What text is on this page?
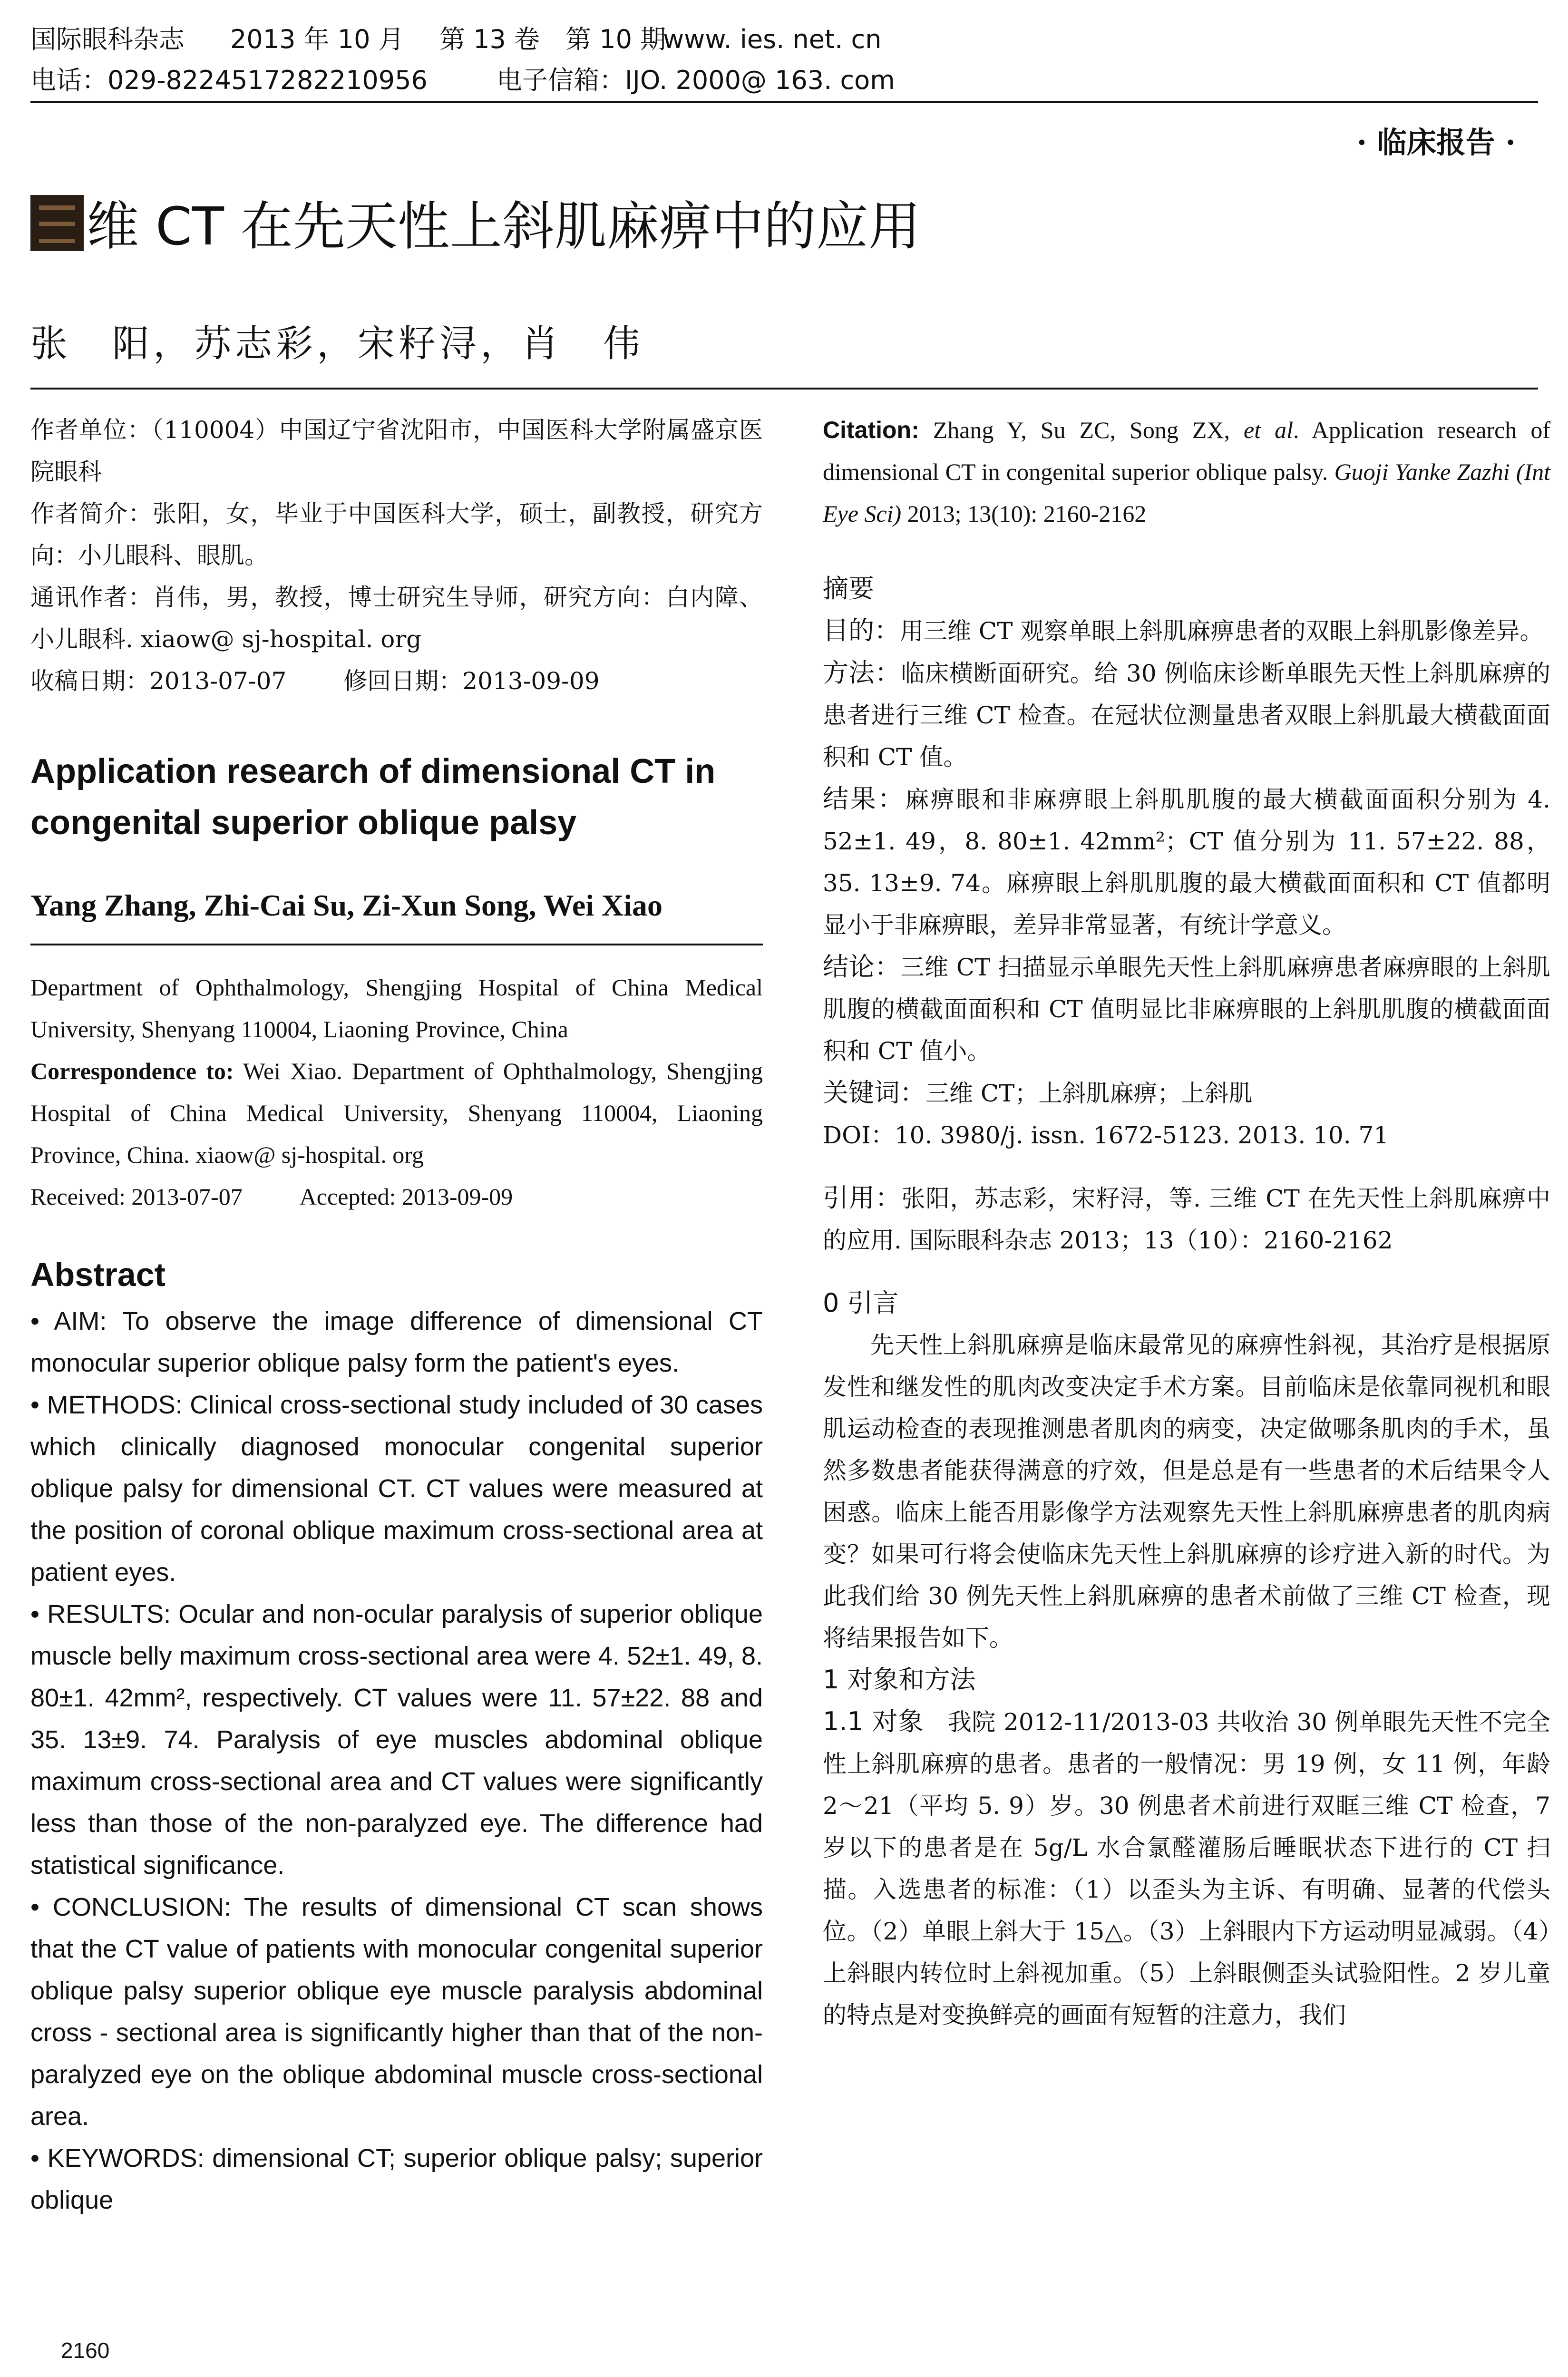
国际眼科杂志 2013 年 10 月 第 13 卷　第 10 期www. ies. net. cn
电话：029-8224517282210956	电子信箱：IJO. 2000@ 163. com
· 临床报告 ·
维 CT 在先天性上斜肌麻痹中的应用
张　阳，苏志彩，宋籽浔，肖　伟

作者单位：（110004）中国辽宁省沈阳市，中国医科大学附属盛京医院眼科

作者简介：张阳，女，毕业于中国医科大学，硕士，副教授，研究方向：小儿眼科、眼肌。

通讯作者：肖伟，男，教授，博士研究生导师，研究方向：白内障、小儿眼科. xiaow@ sj-hospital. org

收稿日期：2013-07-07 修回日期：2013-09-09

Application research of dimensional CT in congenital superior oblique palsy
Yang Zhang, Zhi-Cai Su, Zi-Xun Song, Wei Xiao

Department of Ophthalmology, Shengjing Hospital of China Medical University, Shenyang 110004, Liaoning Province, China

Correspondence to: Wei Xiao. Department of Ophthalmology, Shengjing Hospital of China Medical University, Shenyang 110004, Liaoning Province, China. xiaow@ sj-hospital. org

Received: 2013-07-07 Accepted: 2013-09-09

Abstract

• AIM: To observe the image difference of dimensional CT monocular superior oblique palsy form the patient's eyes.

• METHODS: Clinical cross-sectional study included of 30 cases which clinically diagnosed monocular congenital superior oblique palsy for dimensional CT. CT values were measured at the position of coronal oblique maximum cross-sectional area at patient eyes.

• RESULTS: Ocular and non-ocular paralysis of superior oblique muscle belly maximum cross-sectional area were 4. 52±1. 49, 8. 80±1. 42mm², respectively. CT values were 11. 57±22. 88 and 35. 13±9. 74. Paralysis of eye muscles abdominal oblique maximum cross-sectional area and CT values were significantly less than those of the non-paralyzed eye. The difference had statistical significance.

• CONCLUSION: The results of dimensional CT scan shows that the CT value of patients with monocular congenital superior oblique palsy superior oblique eye muscle paralysis abdominal cross - sectional area is significantly higher than that of the non-paralyzed eye on the oblique abdominal muscle cross-sectional area.

• KEYWORDS: dimensional CT; superior oblique palsy; superior oblique

Citation: Zhang Y, Su ZC, Song ZX, et al. Application research of dimensional CT in congenital superior oblique palsy. Guoji Yanke Zazhi (Int Eye Sci) 2013; 13(10): 2160-2162

摘要

目的：用三维 CT 观察单眼上斜肌麻痹患者的双眼上斜肌影像差异。

方法：临床横断面研究。给 30 例临床诊断单眼先天性上斜肌麻痹的患者进行三维 CT 检查。在冠状位测量患者双眼上斜肌最大横截面面积和 CT 值。

结果：麻痹眼和非麻痹眼上斜肌肌腹的最大横截面面积分别为 4. 52±1. 49，8. 80±1. 42mm²；CT 值分别为 11. 57±22. 88，35. 13±9. 74。麻痹眼上斜肌肌腹的最大横截面面积和 CT 值都明显小于非麻痹眼，差异非常显著，有统计学意义。

结论：三维 CT 扫描显示单眼先天性上斜肌麻痹患者麻痹眼的上斜肌肌腹的横截面面积和 CT 值明显比非麻痹眼的上斜肌肌腹的横截面面积和 CT 值小。

关键词：三维 CT；上斜肌麻痹；上斜肌

DOI：10. 3980/j. issn. 1672-5123. 2013. 10. 71

引用：张阳，苏志彩，宋籽浔，等. 三维 CT 在先天性上斜肌麻痹中的应用. 国际眼科杂志 2013；13（10）：2160-2162

0 引言

先天性上斜肌麻痹是临床最常见的麻痹性斜视，其治疗是根据原发性和继发性的肌肉改变决定手术方案。目前临床是依靠同视机和眼肌运动检查的表现推测患者肌肉的病变，决定做哪条肌肉的手术，虽然多数患者能获得满意的疗效，但是总是有一些患者的术后结果令人困惑。临床上能否用影像学方法观察先天性上斜肌麻痹患者的肌肉病变？如果可行将会使临床先天性上斜肌麻痹的诊疗进入新的时代。为此我们给 30 例先天性上斜肌麻痹的患者术前做了三维 CT 检查，现将结果报告如下。

1 对象和方法

1.1 对象　我院 2012-11/2013-03 共收治 30 例单眼先天性不完全性上斜肌麻痹的患者。患者的一般情况：男 19 例，女 11 例，年龄 2～21（平均 5. 9）岁。30 例患者术前进行双眶三维 CT 检查，7 岁以下的患者是在 5g/L 水合氯醛灌肠后睡眠状态下进行的 CT 扫描。入选患者的标准：（1）以歪头为主诉、有明确、显著的代偿头位。（2）单眼上斜大于 15△。（3）上斜眼内下方运动明显减弱。（4）上斜眼内转位时上斜视加重。（5）上斜眼侧歪头试验阳性。2 岁儿童的特点是对变换鲜亮的画面有短暂的注意力，我们

2160
